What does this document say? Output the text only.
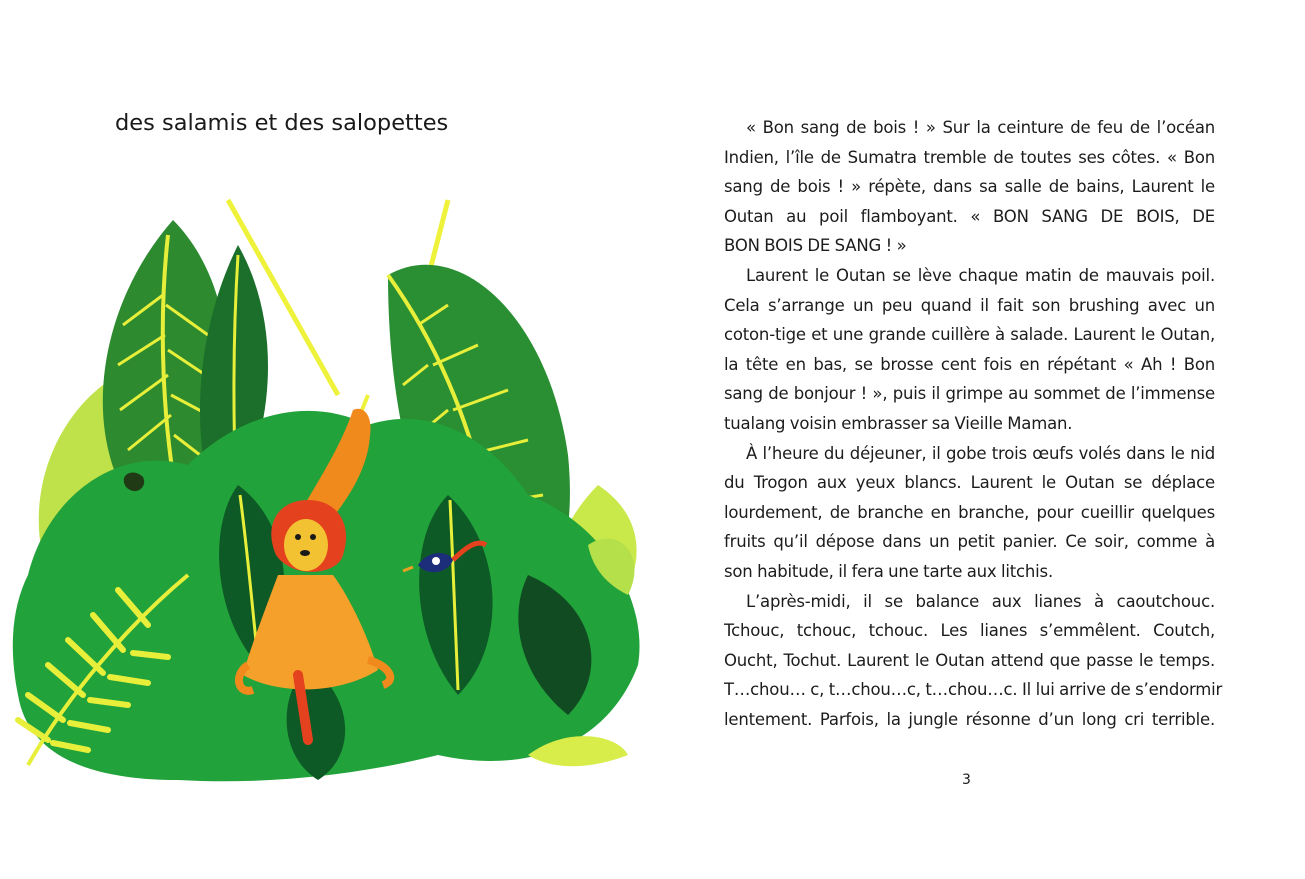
des salamis et des salopettes	« Bon sang de bois ! » Sur la ceinture de feu de l’océan
Indien, l’île de Sumatra tremble de toutes ses côtes. « Bon
sang de bois ! » répète, dans sa salle de bains, Laurent le
Outan au poil flamboyant. « BON SANG DE BOIS, DE
BON BOIS DE SANG ! »
Laurent le Outan se lève chaque matin de mauvais poil.
Cela s’arrange un peu quand il fait son brushing avec un
coton-tige et une grande cuillère à salade. Laurent le Outan,
la tête en bas, se brosse cent fois en répétant « Ah ! Bon
sang de bonjour ! », puis il grimpe au sommet de l’immense
tualang voisin embrasser sa Vieille Maman.
À l’heure du déjeuner, il gobe trois œufs volés dans le nid
du Trogon aux yeux blancs. Laurent le Outan se déplace
lourdement, de branche en branche, pour cueillir quelques
fruits qu’il dépose dans un petit panier. Ce soir, comme à
son habitude, il fera une tarte aux litchis.
L’après-midi, il se balance aux lianes à caoutchouc.
Tchouc, tchouc, tchouc. Les lianes s’emmêlent. Coutch,
Oucht, Tochut. Laurent le Outan attend que passe le temps.
T…chou… c, t…chou…c, t…chou…c. Il lui arrive de s’endormir
lentement. Parfois, la jungle résonne d’un long cri terrible.
3
